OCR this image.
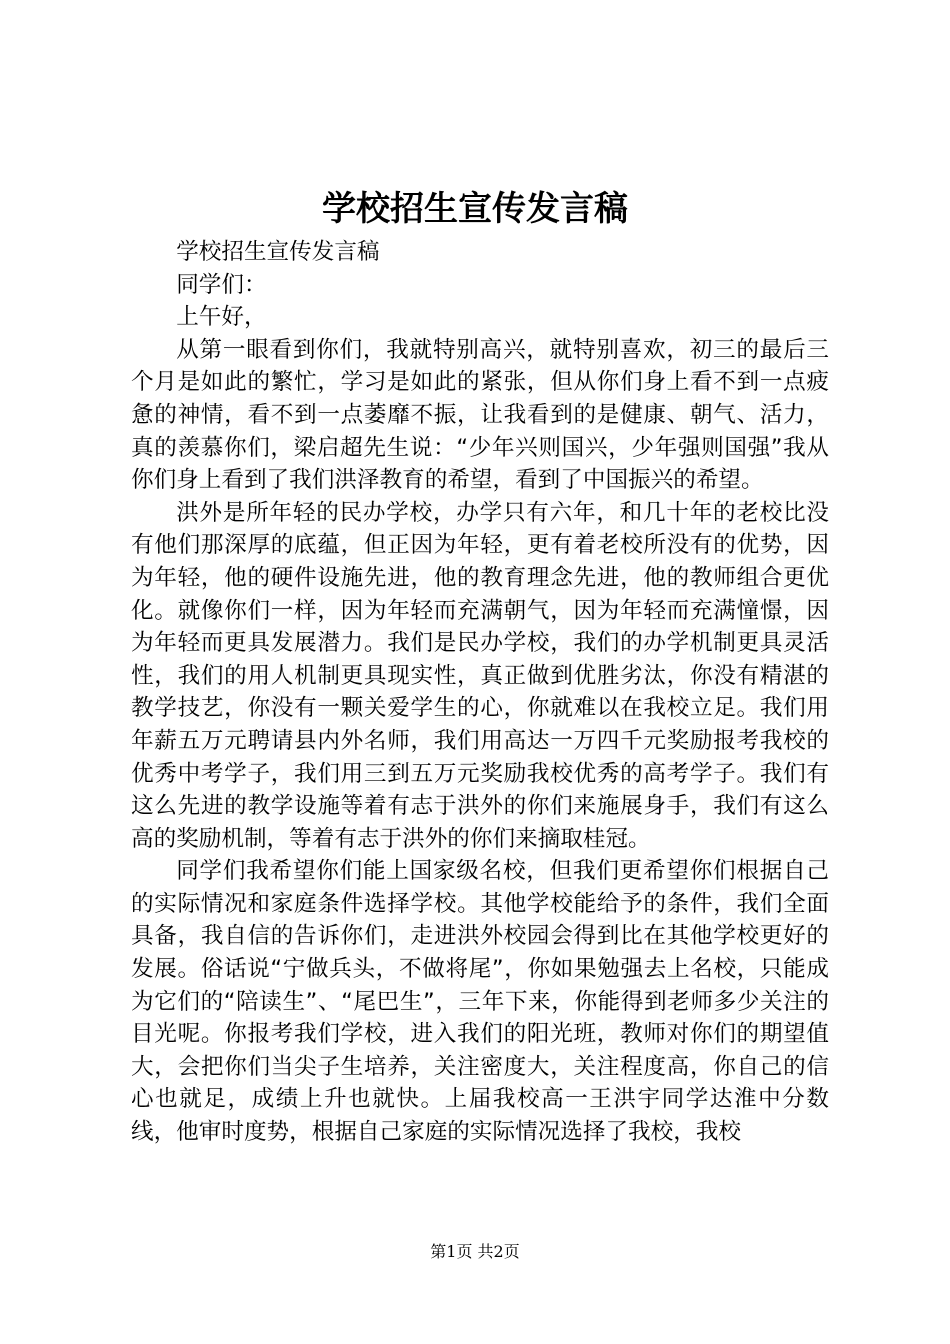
学校招生宣传发言稿

学校招生宣传发言稿

同学们：

上午好，

从第一眼看到你们，我就特别高兴，就特别喜欢，初三的最后三个月是如此的繁忙，学习是如此的紧张，但从你们身上看不到一点疲惫的神情，看不到一点萎靡不振，让我看到的是健康、朝气、活力，真的羡慕你们，梁启超先生说：“少年兴则国兴，少年强则国强”我从你们身上看到了我们洪泽教育的希望，看到了中国振兴的希望。

洪外是所年轻的民办学校，办学只有六年，和几十年的老校比没有他们那深厚的底蕴，但正因为年轻，更有着老校所没有的优势，因为年轻，他的硬件设施先进，他的教育理念先进，他的教师组合更优化。就像你们一样，因为年轻而充满朝气，因为年轻而充满憧憬，因为年轻而更具发展潜力。我们是民办学校，我们的办学机制更具灵活性，我们的用人机制更具现实性，真正做到优胜劣汰，你没有精湛的教学技艺，你没有一颗关爱学生的心，你就难以在我校立足。我们用年薪五万元聘请县内外名师，我们用高达一万四千元奖励报考我校的优秀中考学子，我们用三到五万元奖励我校优秀的高考学子。我们有这么先进的教学设施等着有志于洪外的你们来施展身手，我们有这么高的奖励机制，等着有志于洪外的你们来摘取桂冠。

同学们我希望你们能上国家级名校，但我们更希望你们根据自己的实际情况和家庭条件选择学校。其他学校能给予的条件，我们全面具备，我自信的告诉你们，走进洪外校园会得到比在其他学校更好的发展。俗话说“宁做兵头，不做将尾”，你如果勉强去上名校，只能成为它们的“陪读生”、“尾巴生”，三年下来，你能得到老师多少关注的目光呢。你报考我们学校，进入我们的阳光班，教师对你们的期望值大，会把你们当尖子生培养，关注密度大，关注程度高，你自己的信心也就足，成绩上升也就快。上届我校高一王洪宇同学达淮中分数线，他审时度势，根据自己家庭的实际情况选择了我校，我校

第1页 共2页
